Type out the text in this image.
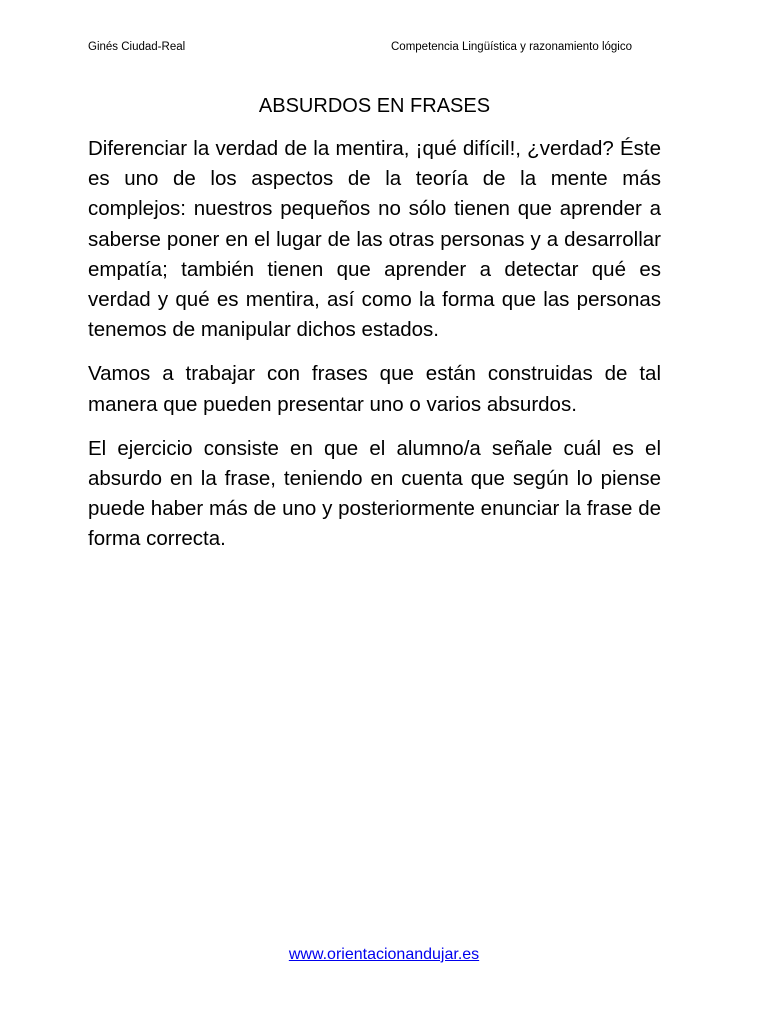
Ginés Ciudad-Real	Competencia Lingüística y razonamiento lógico
ABSURDOS EN FRASES

Diferenciar la verdad de la mentira, ¡qué difícil!, ¿verdad? Éste es uno de los aspectos de la teoría de la mente más complejos: nuestros pequeños no sólo tienen que aprender a saberse poner en el lugar de las otras personas y a desarrollar empatía; también tienen que aprender a detectar qué es verdad y qué es mentira, así como la forma que las personas tenemos de manipular dichos estados.

Vamos a trabajar con frases que están construidas de tal manera que pueden presentar uno o varios absurdos.

El ejercicio consiste en que el alumno/a señale cuál es el absurdo en la frase, teniendo en cuenta que según lo piense puede haber más de uno y posteriormente enunciar la frase de forma correcta.

www.orientacionandujar.es
